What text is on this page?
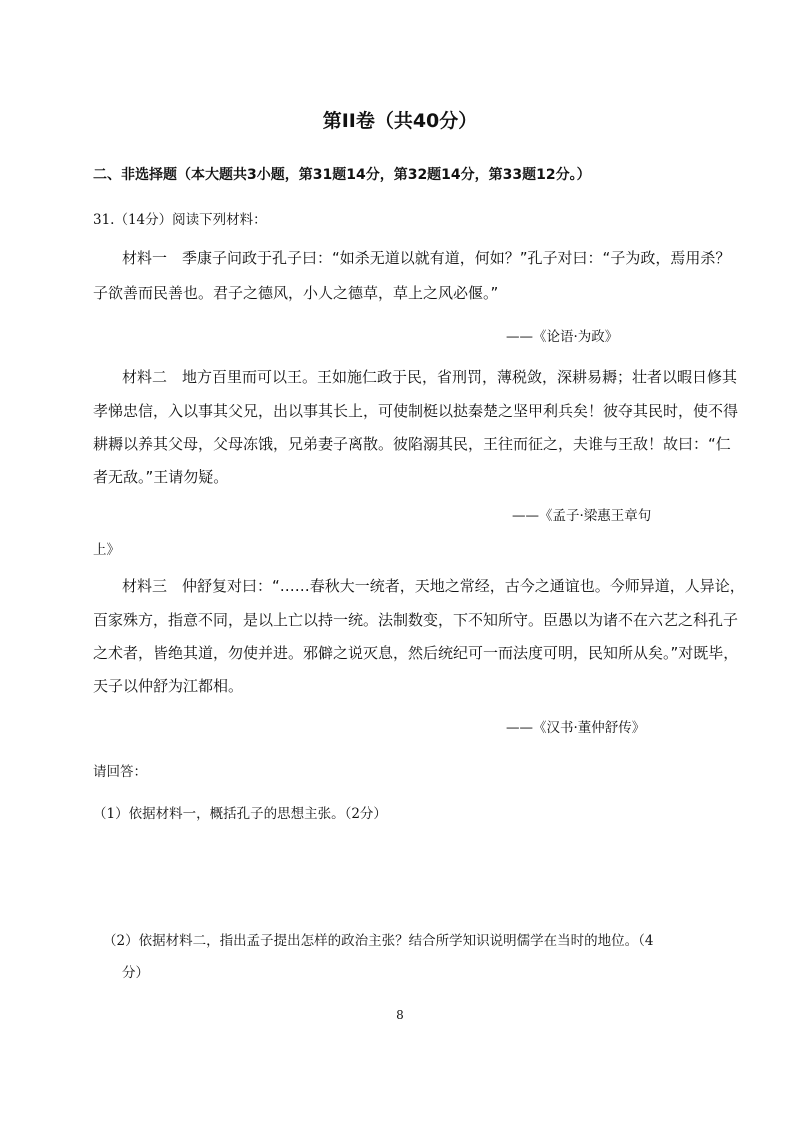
第II卷（共40分）
二、非选择题（本大题共3小题，第31题14分，第32题14分，第33题12分。）
31.（14分）阅读下列材料：
材料一　季康子问政于孔子曰：“如杀无道以就有道，何如？”孔子对曰：“子为政，焉用杀？
子欲善而民善也。君子之德风，小人之德草，草上之风必偃。”
——《论语·为政》
材料二　地方百里而可以王。王如施仁政于民，省刑罚，薄税敛，深耕易耨；壮者以暇日修其
孝悌忠信，入以事其父兄，出以事其长上，可使制梃以挞秦楚之坚甲利兵矣！彼夺其民时，使不得
耕耨以养其父母，父母冻饿，兄弟妻子离散。彼陷溺其民，王往而征之，夫谁与王敌！故曰：“仁
者无敌。”王请勿疑。
——《孟子·梁惠王章句
上》
材料三　仲舒复对曰：“……春秋大一统者，天地之常经，古今之通谊也。今师异道，人异论，
百家殊方，指意不同，是以上亡以持一统。法制数变，下不知所守。臣愚以为诸不在六艺之科孔子
之术者，皆绝其道，勿使并进。邪僻之说灭息，然后统纪可一而法度可明，民知所从矣。”对既毕，
天子以仲舒为江都相。
——《汉书·董仲舒传》
请回答：
（1）依据材料一，概括孔子的思想主张。（2分）
（2）依据材料二，指出孟子提出怎样的政治主张？结合所学知识说明儒学在当时的地位。（4
分）
8
